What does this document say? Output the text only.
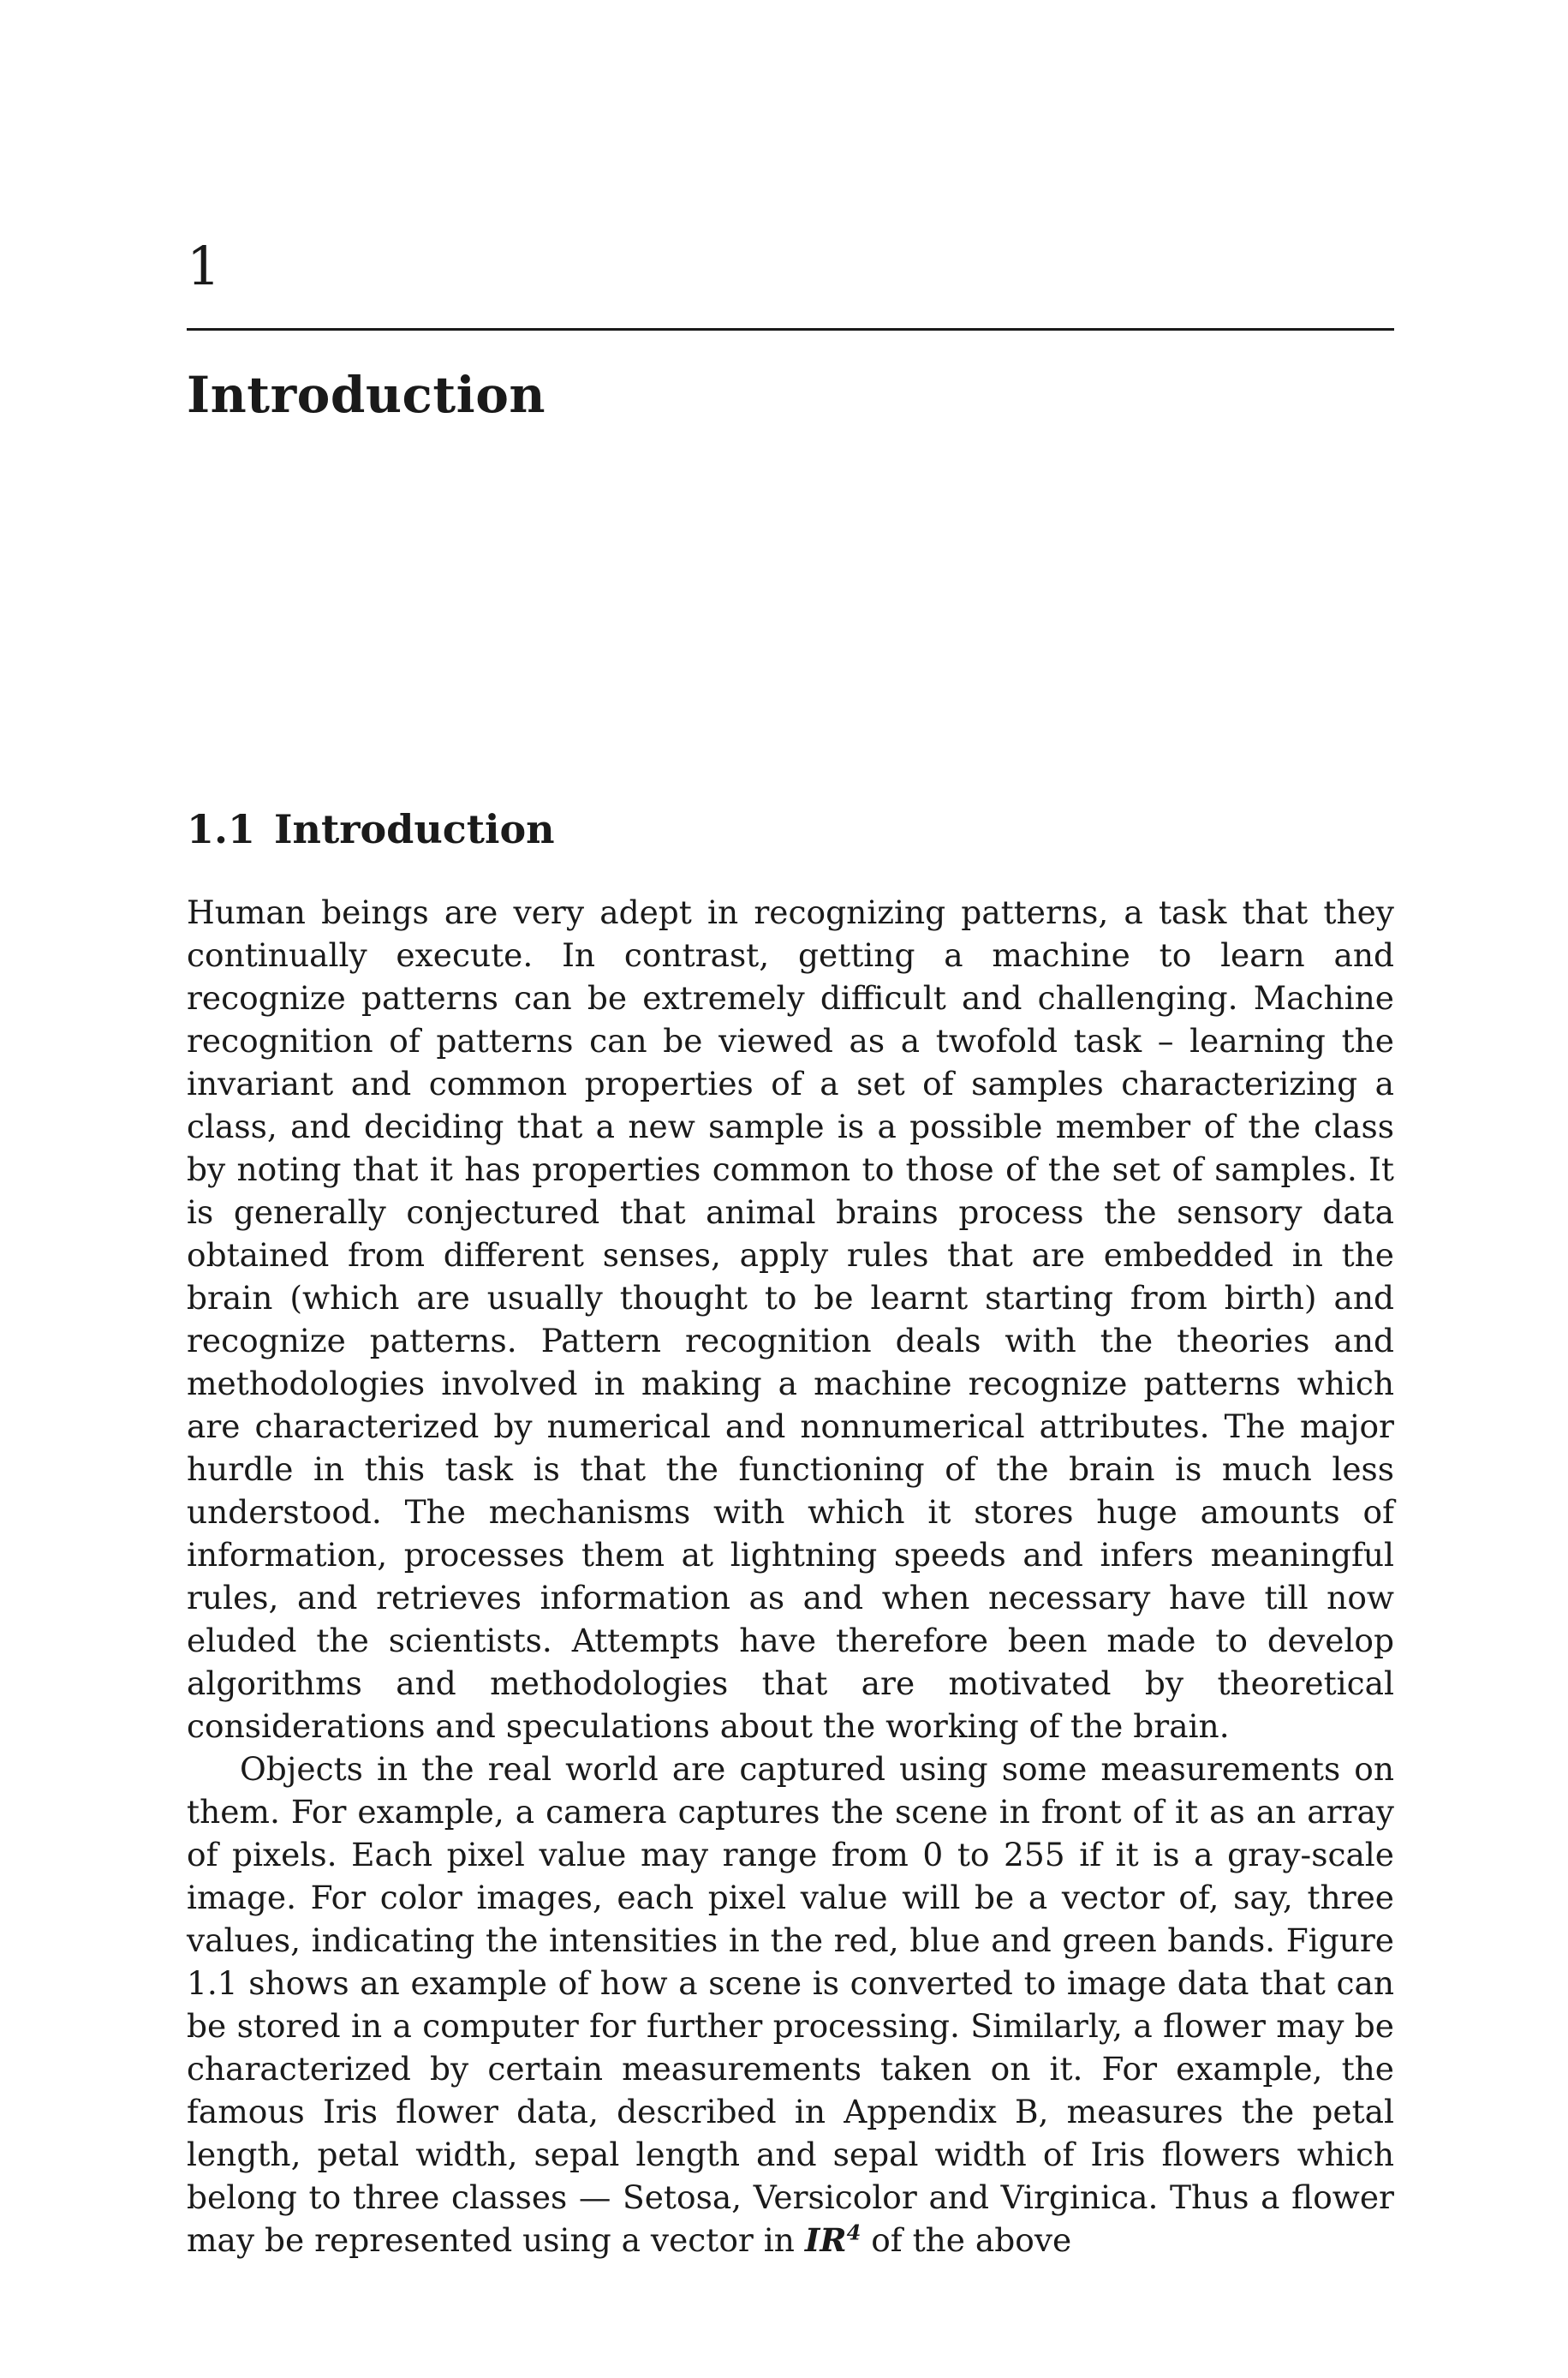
1
Introduction
1.1 Introduction

Human beings are very adept in recognizing patterns, a task that they continually execute. In contrast, getting a machine to learn and recognize patterns can be extremely difficult and challenging. Machine recognition of patterns can be viewed as a twofold task – learning the invariant and common properties of a set of samples characterizing a class, and deciding that a new sample is a possible member of the class by noting that it has properties common to those of the set of samples. It is generally conjectured that animal brains process the sensory data obtained from different senses, apply rules that are embedded in the brain (which are usually thought to be learnt starting from birth) and recognize patterns. Pattern recognition deals with the theories and methodologies involved in making a machine recognize patterns which are characterized by numerical and nonnumerical attributes. The major hurdle in this task is that the functioning of the brain is much less understood. The mechanisms with which it stores huge amounts of information, processes them at lightning speeds and infers meaningful rules, and retrieves information as and when necessary have till now eluded the scientists. Attempts have therefore been made to develop algorithms and methodologies that are motivated by theoretical considerations and speculations about the working of the brain.

Objects in the real world are captured using some measurements on them. For example, a camera captures the scene in front of it as an array of pixels. Each pixel value may range from 0 to 255 if it is a gray-scale image. For color images, each pixel value will be a vector of, say, three values, indicating the intensities in the red, blue and green bands. Figure 1.1 shows an example of how a scene is converted to image data that can be stored in a computer for further processing. Similarly, a flower may be characterized by certain measurements taken on it. For example, the famous Iris flower data, described in Appendix B, measures the petal length, petal width, sepal length and sepal width of Iris flowers which belong to three classes — Setosa, Versicolor and Virginica. Thus a flower may be represented using a vector in $IR^4$ of the above
